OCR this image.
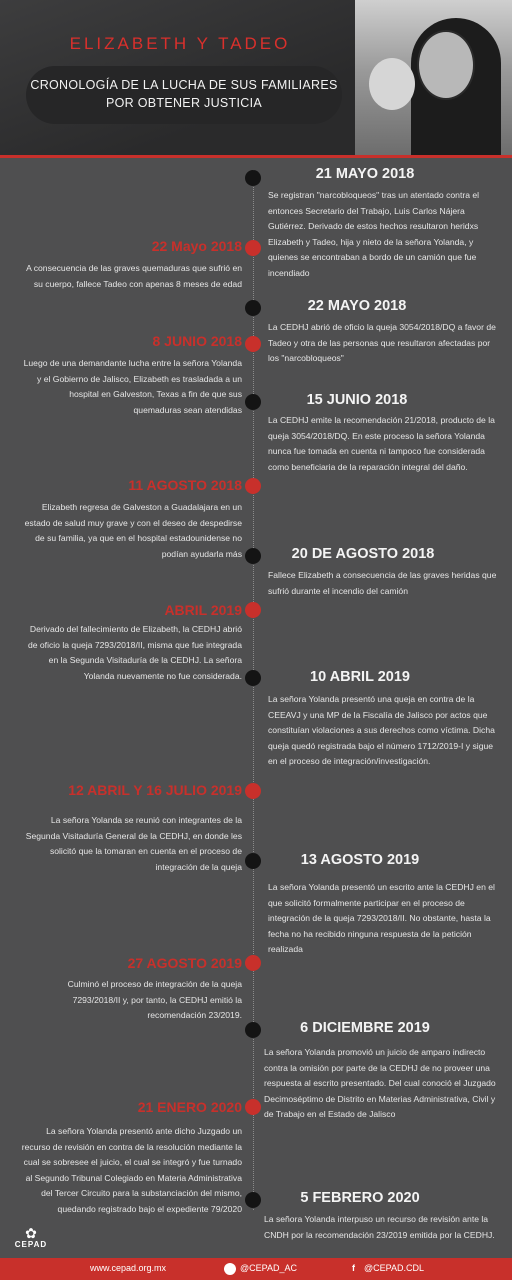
ELIZABETH Y TADEO
CRONOLOGÍA DE LA LUCHA DE SUS FAMILIARES
POR OBTENER JUSTICIA
21 MAYO 2018
Se registran "narcobloqueos" tras un atentado contra el entonces Secretario del Trabajo, Luis Carlos Nájera Gutiérrez. Derivado de estos hechos resultaron heridxs Elizabeth y Tadeo, hija y nieto de la señora Yolanda, y quienes se encontraban a bordo de un camión que fue incendiado
22 Mayo 2018
A consecuencia de las graves quemaduras que sufrió en su cuerpo, fallece Tadeo con apenas 8 meses de edad
22 MAYO 2018
La CEDHJ abrió de oficio la queja 3054/2018/DQ a favor de Tadeo y otra de las personas que resultaron afectadas por los "narcobloqueos"
8 JUNIO 2018
Luego de una demandante lucha entre la señora Yolanda y el Gobierno de Jalisco, Elizabeth es trasladada a un hospital en Galveston, Texas a fin de que sus quemaduras sean atendidas
15 JUNIO 2018
La CEDHJ emite la recomendación 21/2018, producto de la queja 3054/2018/DQ. En este proceso la señora Yolanda nunca fue tomada en cuenta ni tampoco fue considerada como beneficiaria de la reparación integral del daño.
11 AGOSTO 2018
Elizabeth regresa de Galveston a Guadalajara en un estado de salud muy grave y con el deseo de despedirse de su familia, ya que en el hospital estadounidense no podían ayudarla más	20 DE AGOSTO 2018
Fallece Elizabeth a consecuencia de las graves heridas que sufrió durante el incendio del camión
ABRIL 2019
Derivado del fallecimiento de Elizabeth, la CEDHJ abrió de oficio la queja 7293/2018/II, misma que fue integrada en la Segunda Visitaduría de la CEDHJ. La señora Yolanda nuevamente no fue considerada.	10 ABRIL 2019
La señora Yolanda presentó una queja en contra de la CEEAVJ y una MP de la Fiscalía de Jalisco por actos que constituían violaciones a sus derechos como víctima. Dicha queja quedó registrada bajo el número 1712/2019-I y sigue en el proceso de integración/investigación.
12 ABRIL Y 16 JULIO 2019
La señora Yolanda se reunió con integrantes de la Segunda Visitaduría General de la CEDHJ, en donde les solicitó que la tomaran en cuenta en el proceso de integración de la queja	13 AGOSTO 2019
La señora Yolanda presentó un escrito ante la CEDHJ en el que solicitó formalmente participar en el proceso de integración de la queja 7293/2018/II. No obstante, hasta la fecha no ha recibido ninguna respuesta de la petición realizada
27 AGOSTO 2019
Culminó el proceso de integración de la queja 7293/2018/II y, por tanto, la CEDHJ emitió la recomendación 23/2019.
6 DICIEMBRE 2019
La señora Yolanda promovió un juicio de amparo indirecto contra la omisión por parte de la CEDHJ de no proveer una respuesta al escrito presentado. Del cual conoció el Juzgado Decimoséptimo de Distrito en Materias Administrativa, Civil y de Trabajo en el Estado de Jalisco
21 ENERO 2020
La señora Yolanda presentó ante dicho Juzgado un recurso de revisión en contra de la resolución mediante la cual se sobresee el juicio, el cual se integró y fue turnado al Segundo Tribunal Colegiado en Materia Administrativa del Tercer Circuito para la substanciación del mismo, quedando registrado bajo el expediente 79/2020
5 FEBRERO 2020
La señora Yolanda interpuso un recurso de revisión ante la CNDH por la recomendación 23/2019 emitida por la CEDHJ.
✿
CEPAD
www.cepad.org.mx	@CEPAD_AC	f @CEPAD.CDL
